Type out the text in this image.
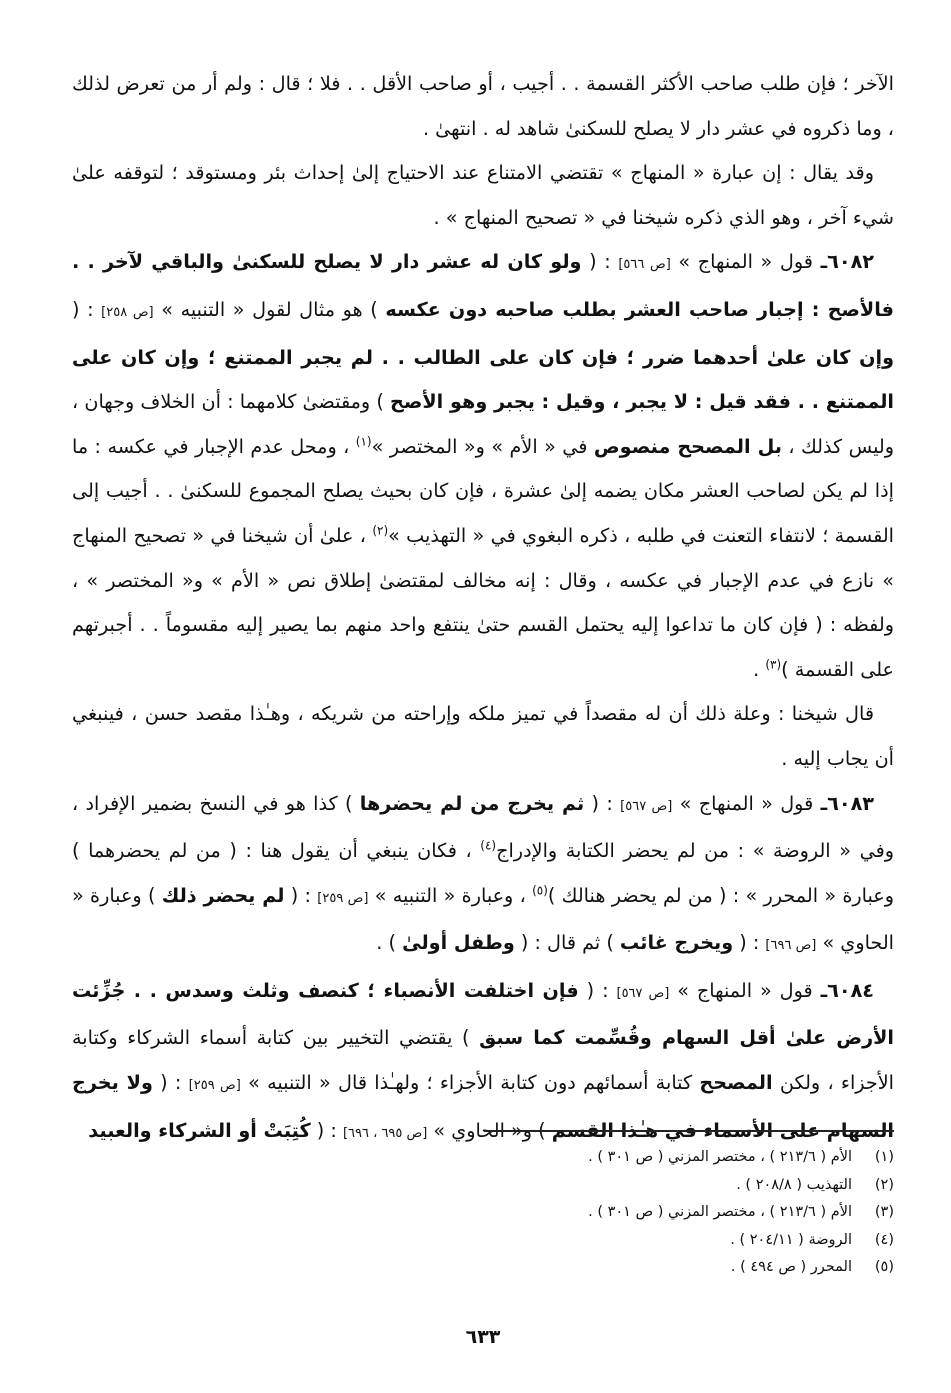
الآخر ؛ فإن طلب صاحب الأكثر القسمة . . أجيب ، أو صاحب الأقل . . فلا ؛ قال : ولم أر من تعرض لذلك ، وما ذكروه في عشر دار لا يصلح للسكنىٰ شاهد له . انتهىٰ .

وقد يقال : إن عبارة « المنهاج » تقتضي الامتناع عند الاحتياج إلىٰ إحداث بئر ومستوقد ؛ لتوقفه علىٰ شيء آخر ، وهو الذي ذكره شيخنا في « تصحيح المنهاج » .

٦٠٨٢ـ قول « المنهاج » [ص ٥٦٦] : ( ولو كان له عشر دار لا يصلح للسكنىٰ والباقي لآخر . . فالأصح : إجبار صاحب العشر بطلب صاحبه دون عكسه ) هو مثال لقول « التنبيه » [ص ٢٥٨] : ( وإن كان علىٰ أحدهما ضرر ؛ فإن كان على الطالب . . لم يجبر الممتنع ؛ وإن كان على الممتنع . . فقد قيل : لا يجبر ، وقيل : يجبر وهو الأصح ) ومقتضىٰ كلامهما : أن الخلاف وجهان ، وليس كذلك ، بل المصحح منصوص في « الأم » و« المختصر »$^{(١)}$ ، ومحل عدم الإجبار في عكسه : ما إذا لم يكن لصاحب العشر مكان يضمه إلىٰ عشرة ، فإن كان بحيث يصلح المجموع للسكنىٰ . . أجيب إلى القسمة ؛ لانتفاء التعنت في طلبه ، ذكره البغوي في « التهذيب »$^{(٢)}$ ، علىٰ أن شيخنا في « تصحيح المنهاج » نازع في عدم الإجبار في عكسه ، وقال : إنه مخالف لمقتضىٰ إطلاق نص « الأم » و« المختصر » ، ولفظه : ( فإن كان ما تداعوا إليه يحتمل القسم حتىٰ ينتفع واحد منهم بما يصير إليه مقسوماً . . أجبرتهم على القسمة )$^{(٣)}$ .

قال شيخنا : وعلة ذلك أن له مقصداً في تميز ملكه وإراحته من شريكه ، وهـٰذا مقصد حسن ، فينبغي أن يجاب إليه .

٦٠٨٣ـ قول « المنهاج » [ص ٥٦٧] : ( ثم يخرج من لم يحضرها ) كذا هو في النسخ بضمير الإفراد ، وفي « الروضة » : من لم يحضر الكتابة والإدراج$^{(٤)}$ ، فكان ينبغي أن يقول هنا : ( من لم يحضرهما ) وعبارة « المحرر » : ( من لم يحضر هنالك )$^{(٥)}$ ، وعبارة « التنبيه » [ص ٢٥٩] : ( لم يحضر ذلك ) وعبارة « الحاوي » [ص ٦٩٦] : ( ويخرج غائب ) ثم قال : ( وطفل أولىٰ ) .

٦٠٨٤ـ قول « المنهاج » [ص ٥٦٧] : ( فإن اختلفت الأنصباء ؛ كنصف وثلث وسدس . . جُزِّئت الأرض علىٰ أقل السهام وقُسِّمت كما سبق ) يقتضي التخيير بين كتابة أسماء الشركاء وكتابة الأجزاء ، ولكن المصحح كتابة أسمائهم دون كتابة الأجزاء ؛ ولهـٰذا قال « التنبيه » [ص ٢٥٩] : ( ولا يخرج السهام على الأسماء في هـٰذا القسم ) و« الحاوي » [ص ٦٩٥ ، ٦٩٦] : ( كُتِبَتْ أو الشركاء والعبيد

(١)الأم ( ٢١٣/٦ ) ، مختصر المزني ( ص ٣٠١ ) .
(٢)التهذيب ( ٢٠٨/٨ ) .
(٣)الأم ( ٢١٣/٦ ) ، مختصر المزني ( ص ٣٠١ ) .
(٤)الروضة ( ٢٠٤/١١ ) .
(٥)المحرر ( ص ٤٩٤ ) .
٦٣٣
